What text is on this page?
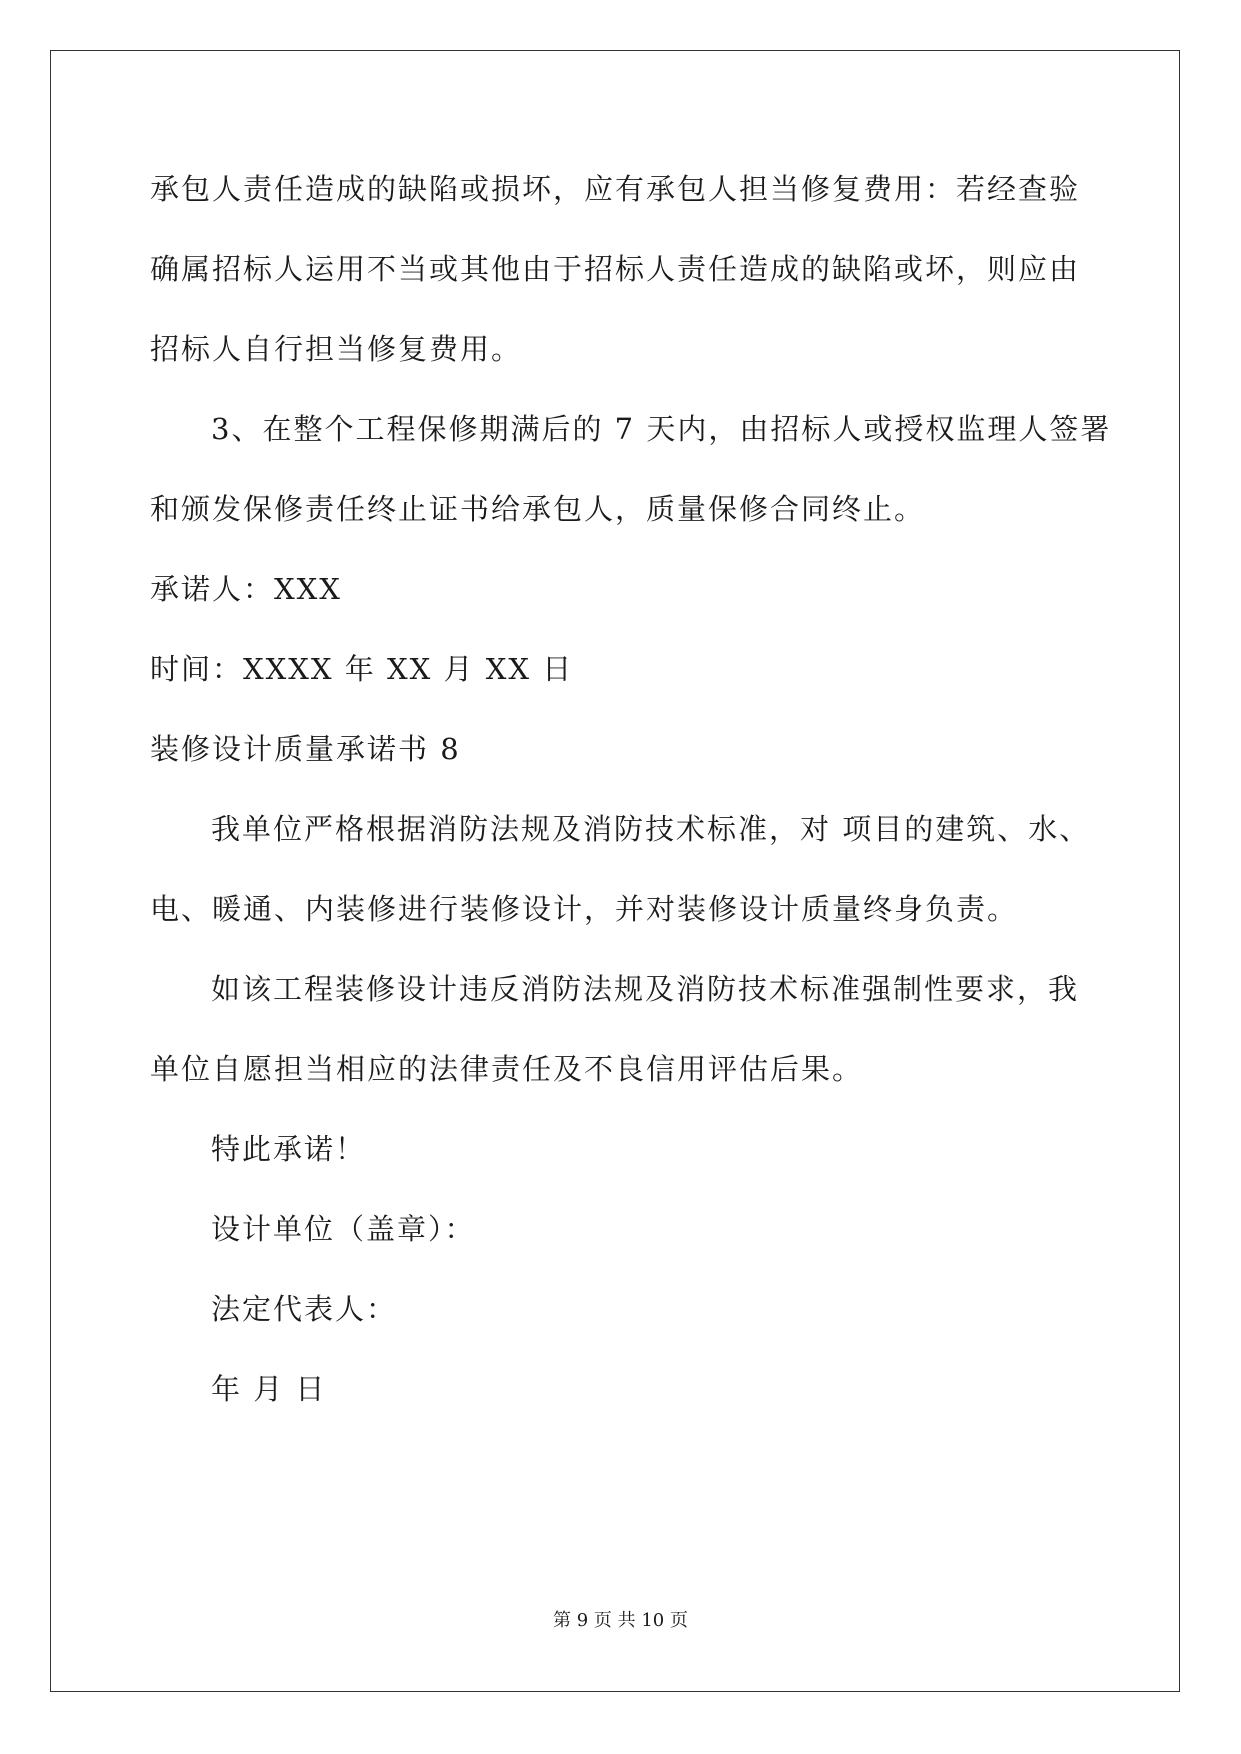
承包人责任造成的缺陷或损坏，应有承包人担当修复费用：若经查验
确属招标人运用不当或其他由于招标人责任造成的缺陷或坏，则应由
招标人自行担当修复费用。
3、在整个工程保修期满后的 7 天内，由招标人或授权监理人签署
和颁发保修责任终止证书给承包人，质量保修合同终止。
承诺人：XXX
时间：XXXX 年 XX 月 XX 日
装修设计质量承诺书 8
我单位严格根据消防法规及消防技术标准，对 项目的建筑、水、
电、暖通、内装修进行装修设计，并对装修设计质量终身负责。
如该工程装修设计违反消防法规及消防技术标准强制性要求，我
单位自愿担当相应的法律责任及不良信用评估后果。
特此承诺！
设计单位（盖章）：
法定代表人：
年 月 日
第 9 页 共 10 页
